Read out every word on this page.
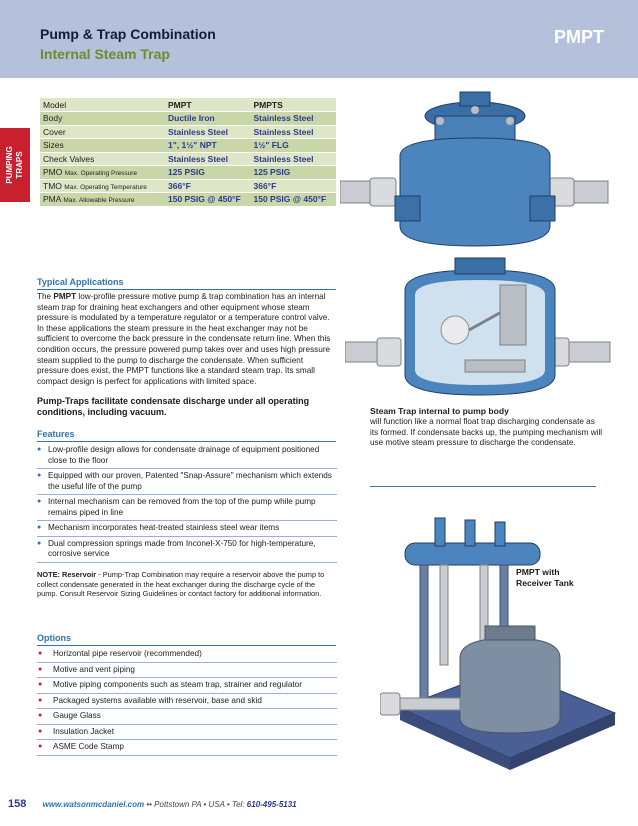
Pump & Trap Combination
Internal Steam Trap
PMPT
PUMPING TRAPS
Model	PMPT	PMPTS
Body	Ductile Iron	Stainless Steel
Cover	Stainless Steel	Stainless Steel
Sizes	1", 1½" NPT	1½" FLG
Check Valves	Stainless Steel	Stainless Steel
PMO Max. Operating Pressure	125 PSIG	125 PSIG
TMO Max. Operating Temperature	366°F	366°F
PMA Max. Allowable Pressure	150 PSIG @ 450°F	150 PSIG @ 450°F
Typical Applications
The PMPT low-profile pressure motive pump & trap combination has an internal steam trap for draining heat exchangers and other equipment whose steam pressure is modulated by a temperature regulator or a temperature control valve. In these applications the steam pressure in the heat exchanger may not be sufficient to overcome the back pressure in the condensate return line. When this condition occurs, the pressure powered pump takes over and uses high pressure steam supplied to the pump to discharge the condensate. When sufficient pressure does exist, the PMPT functions like a standard steam trap. Its small compact design is perfect for applications with limited space.
Pump-Traps facilitate condensate discharge under all operating conditions, including vacuum.	Steam Trap internal to pump body
will function like a normal float trap discharging condensate as its formed. If condensate backs up, the pumping mechanism will use motive steam pressure to discharge the condensate.
Features
● Low-profile design allows for condensate drainage of equipment positioned close to the floor
● Equipped with our proven, Patented "Snap-Assure" mechanism which extends the useful life of the pump
● Internal mechanism can be removed from the top of the pump while pump remains piped in line
● Mechanism incorporates heat-treated stainless steel wear items
● Dual compression springs made from Inconel-X-750 for high-temperature, corrosive service
NOTE: Reservoir - Pump-Trap Combination may require a reservoir above the pump to collect condensate generated in the heat exchanger during the discharge cycle of the pump. Consult Reservoir Sizing Guidelines or contact factory for additional information.
Options
● Horizontal pipe reservoir (recommended)
● Motive and vent piping
● Motive piping components such as steam trap, strainer and regulator
● Packaged systems available with reservoir, base and skid
● Gauge Glass
● Insulation Jacket
● ASME Code Stamp
PMPT with
Receiver Tank
158 www.watsonmcdaniel.com •• Pottstown PA • USA • Tel: 610-495-5131
